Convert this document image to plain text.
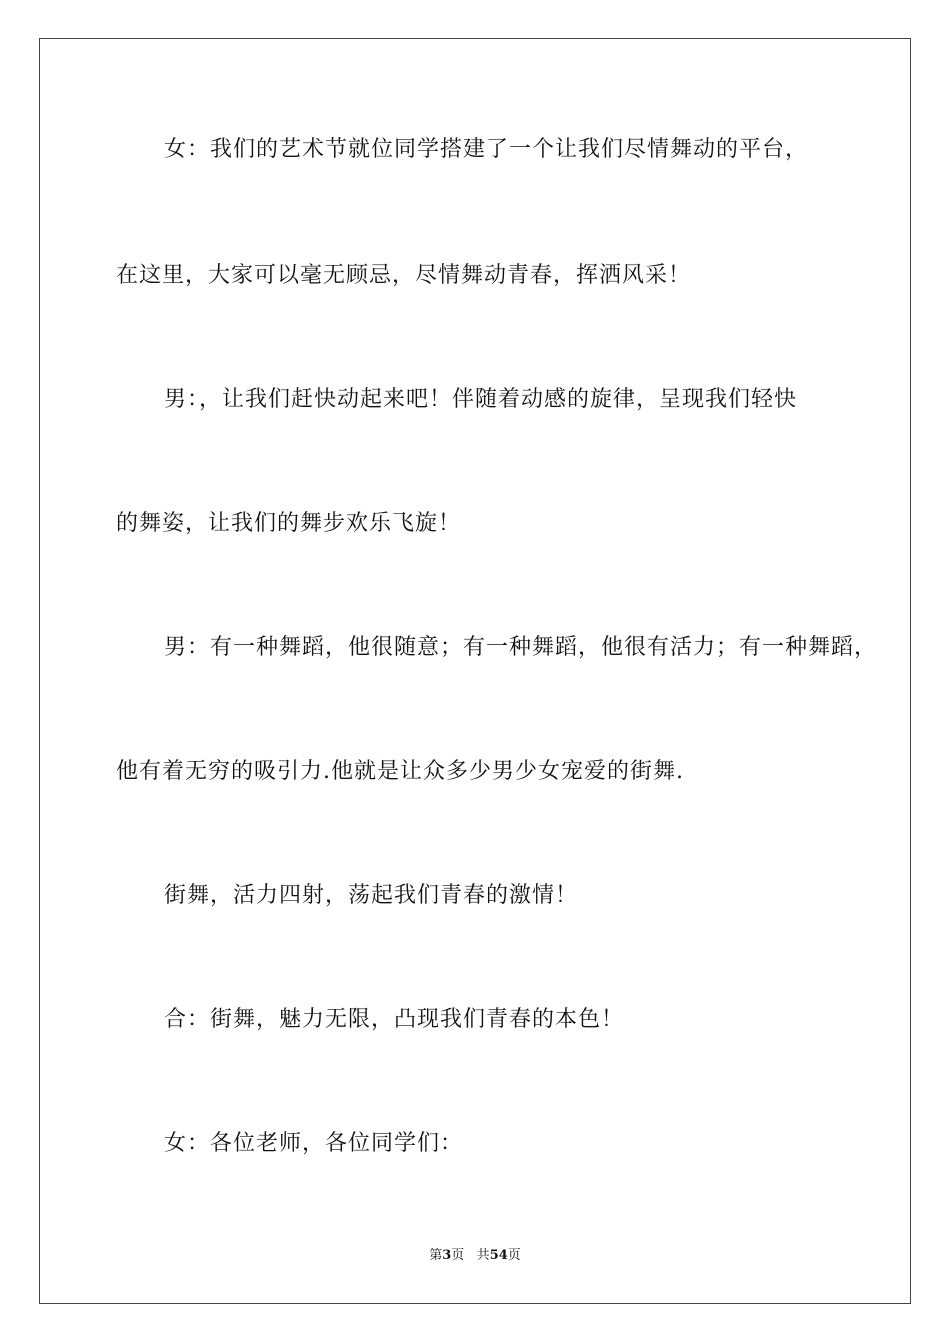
女：我们的艺术节就位同学搭建了一个让我们尽情舞动的平台，
在这里，大家可以毫无顾忌，尽情舞动青春，挥洒风采！
男：，让我们赶快动起来吧！伴随着动感的旋律，呈现我们轻快
的舞姿，让我们的舞步欢乐飞旋！
男：有一种舞蹈，他很随意；有一种舞蹈，他很有活力；有一种舞蹈，
他有着无穷的吸引力.他就是让众多少男少女宠爱的街舞.
街舞，活力四射，荡起我们青春的激情！
合：街舞，魅力无限，凸现我们青春的本色！
女：各位老师，各位同学们：
第3页 共54页
